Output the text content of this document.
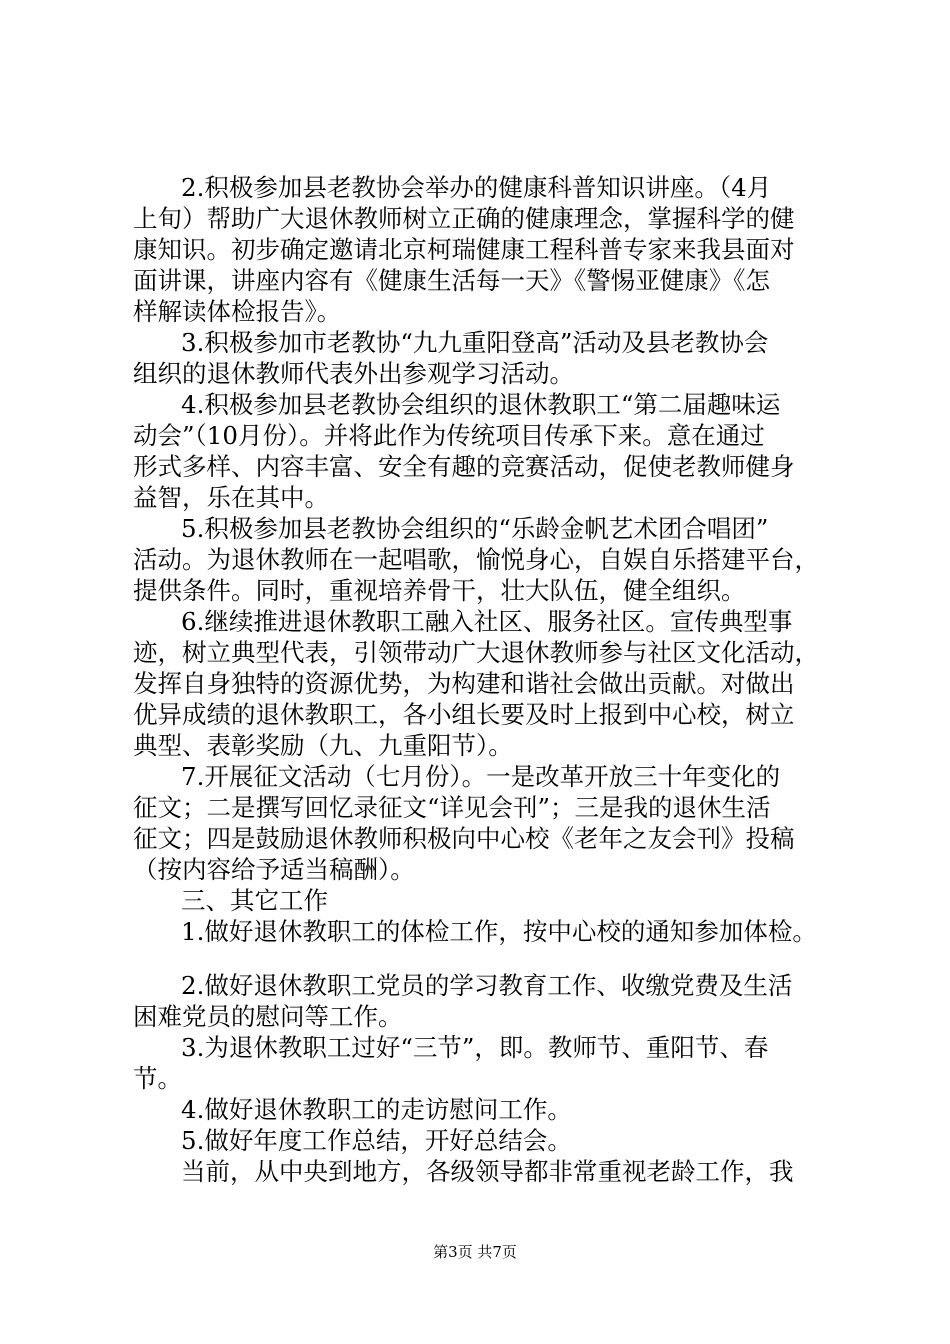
2.积极参加县老教协会举办的健康科普知识讲座。（4月
上旬）帮助广大退休教师树立正确的健康理念，掌握科学的健
康知识。初步确定邀请北京柯瑞健康工程科普专家来我县面对
面讲课，讲座内容有《健康生活每一天》《警惕亚健康》《怎
样解读体检报告》。
3.积极参加市老教协“九九重阳登高”活动及县老教协会
组织的退休教师代表外出参观学习活动。
4.积极参加县老教协会组织的退休教职工“第二届趣味运
动会”（10月份）。并将此作为传统项目传承下来。意在通过
形式多样、内容丰富、安全有趣的竞赛活动，促使老教师健身
益智，乐在其中。
5.积极参加县老教协会组织的“乐龄金帆艺术团合唱团”
活动。为退休教师在一起唱歌，愉悦身心，自娱自乐搭建平台，
提供条件。同时，重视培养骨干，壮大队伍，健全组织。
6.继续推进退休教职工融入社区、服务社区。宣传典型事
迹，树立典型代表，引领带动广大退休教师参与社区文化活动，
发挥自身独特的资源优势，为构建和谐社会做出贡献。对做出
优异成绩的退休教职工，各小组长要及时上报到中心校，树立
典型、表彰奖励（九、九重阳节）。
7.开展征文活动（七月份）。一是改革开放三十年变化的
征文；二是撰写回忆录征文“详见会刊”；三是我的退休生活
征文；四是鼓励退休教师积极向中心校《老年之友会刊》投稿
（按内容给予适当稿酬）。
三、其它工作
1.做好退休教职工的体检工作，按中心校的通知参加体检。
2.做好退休教职工党员的学习教育工作、收缴党费及生活
困难党员的慰问等工作。
3.为退休教职工过好“三节”，即。教师节、重阳节、春
节。
4.做好退休教职工的走访慰问工作。
5.做好年度工作总结，开好总结会。
当前，从中央到地方，各级领导都非常重视老龄工作，我
第3页 共7页
